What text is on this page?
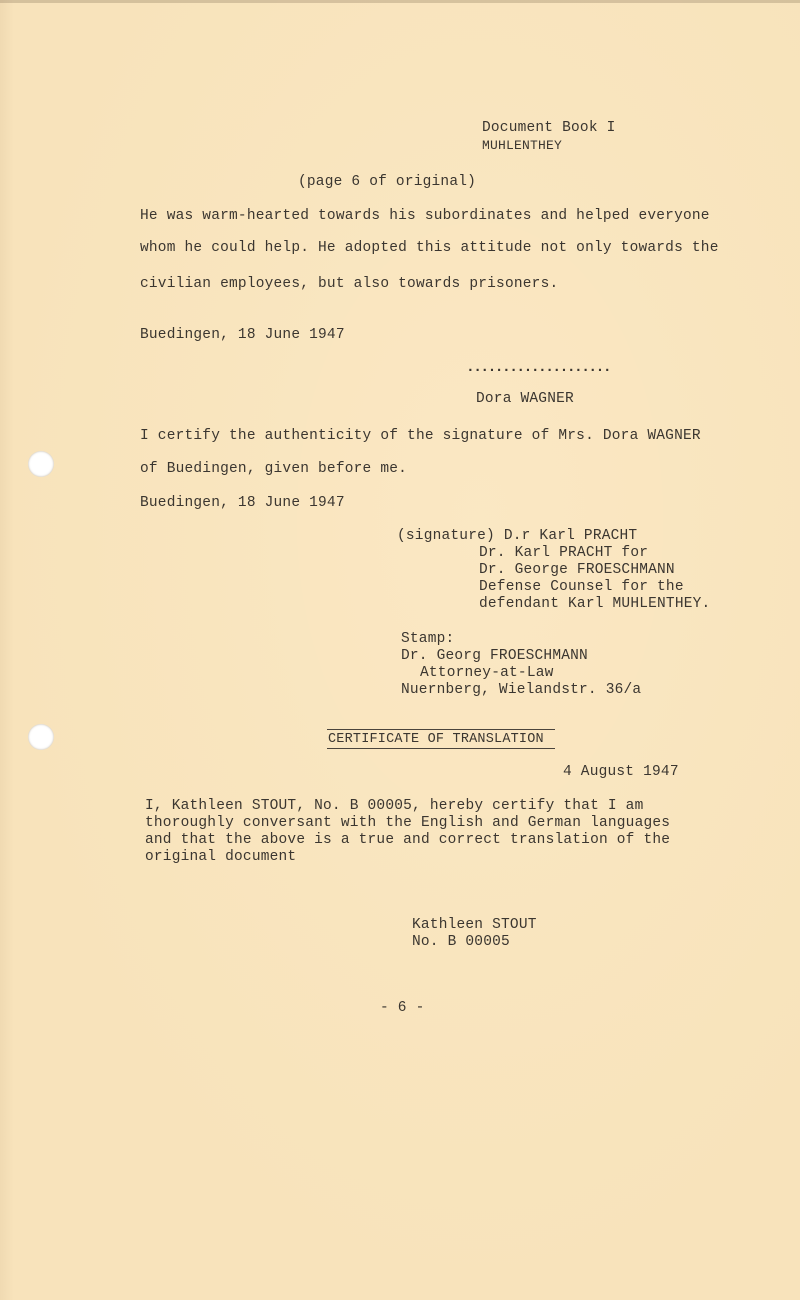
Document Book I
MUHLENTHEY
(page 6 of original)
He was warm-hearted towards his subordinates and helped everyone
whom he could help. He adopted this attitude not only towards the
civilian employees, but also towards prisoners.
Buedingen, 18 June 1947
....................
Dora WAGNER
I certify the authenticity of the signature of Mrs. Dora WAGNER
of Buedingen, given before me.
Buedingen, 18 June 1947
(signature) D.r Karl PRACHT
Dr. Karl PRACHT for
Dr. George FROESCHMANN
Defense Counsel for the
defendant Karl MUHLENTHEY.
Stamp:
Dr. Georg FROESCHMANN
Attorney-at-Law
Nuernberg, Wielandstr. 36/a
CERTIFICATE OF TRANSLATION
4 August 1947
I, Kathleen STOUT, No. B 00005, hereby certify that I am
thoroughly conversant with the English and German languages
and that the above is a true and correct translation of the
original document
Kathleen STOUT
No. B 00005
- 6 -
